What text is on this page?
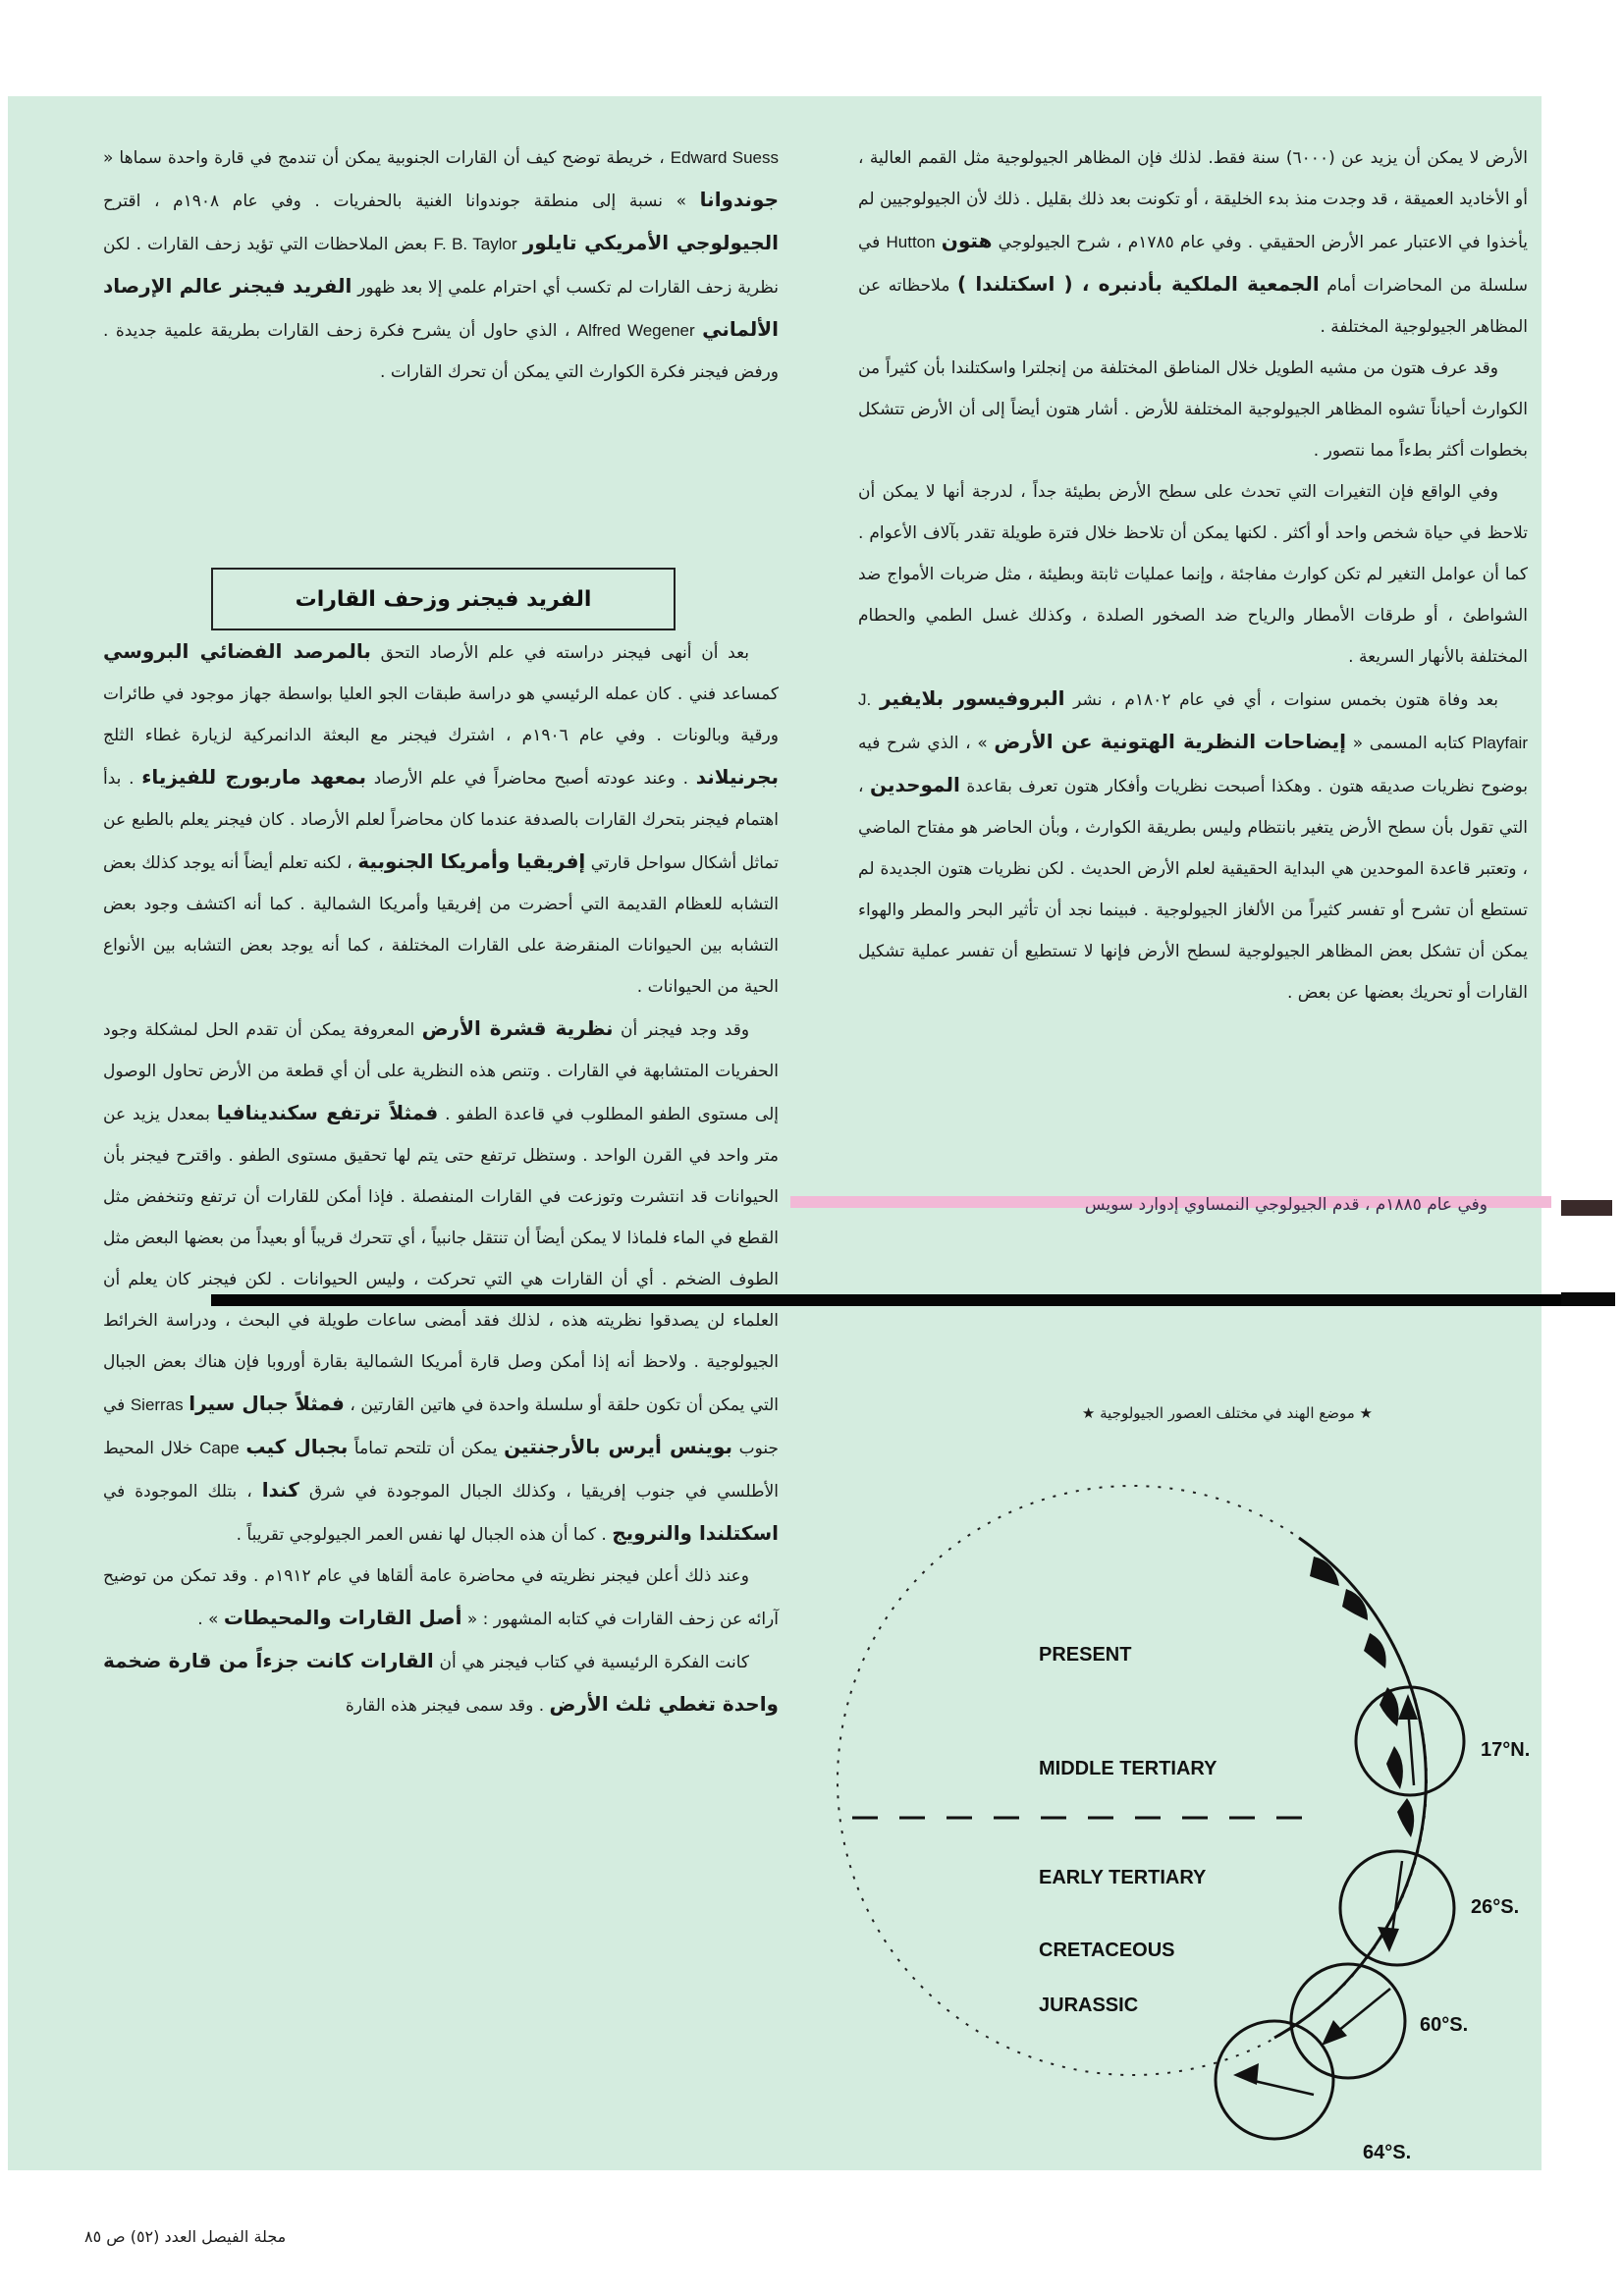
الأرض لا يمكن أن يزيد عن (٦٠٠٠) سنة فقط. لذلك فإن المظاهر الجيولوجية مثل القمم العالية ، أو الأخاديد العميقة ، قد وجدت منذ بدء الخليقة ، أو تكونت بعد ذلك بقليل . ذلك لأن الجيولوجيين لم يأخذوا في الاعتبار عمر الأرض الحقيقي . وفي عام ١٧٨٥م ، شرح الجيولوجي هتون Hutton في سلسلة من المحاضرات أمام الجمعية الملكية بأدنبره ، ( اسكتلندا ) ملاحظاته عن المظاهر الجيولوجية المختلفة .

وقد عرف هتون من مشيه الطويل خلال المناطق المختلفة من إنجلترا واسكتلندا بأن كثيراً من الكوارث أحياناً تشوه المظاهر الجيولوجية المختلفة للأرض . أشار هتون أيضاً إلى أن الأرض تتشكل بخطوات أكثر بطءاً مما نتصور .

وفي الواقع فإن التغيرات التي تحدث على سطح الأرض بطيئة جداً ، لدرجة أنها لا يمكن أن تلاحظ في حياة شخص واحد أو أكثر . لكنها يمكن أن تلاحظ خلال فترة طويلة تقدر بآلاف الأعوام . كما أن عوامل التغير لم تكن كوارث مفاجئة ، وإنما عمليات ثابتة وبطيئة ، مثل ضربات الأمواج ضد الشواطئ ، أو طرقات الأمطار والرياح ضد الصخور الصلدة ، وكذلك غسل الطمي والحطام المختلفة بالأنهار السريعة .

بعد وفاة هتون بخمس سنوات ، أي في عام ١٨٠٢م ، نشر البروفيسور بلايفير J. Playfair كتابه المسمى « إيضاحات النظرية الهتونية عن الأرض » ، الذي شرح فيه بوضوح نظريات صديقه هتون . وهكذا أصبحت نظريات وأفكار هتون تعرف بقاعدة الموحدين ، التي تقول بأن سطح الأرض يتغير بانتظام وليس بطريقة الكوارث ، وبأن الحاضر هو مفتاح الماضي ، وتعتبر قاعدة الموحدين هي البداية الحقيقية لعلم الأرض الحديث . لكن نظريات هتون الجديدة لم تستطع أن تشرح أو تفسر كثيراً من الألغاز الجيولوجية . فبينما نجد أن تأثير البحر والمطر والهواء يمكن أن تشكل بعض المظاهر الجيولوجية لسطح الأرض فإنها لا تستطيع أن تفسر عملية تشكيل القارات أو تحريك بعضها عن بعض .

Edward Suess ، خريطة توضح كيف أن القارات الجنوبية يمكن أن تندمج في قارة واحدة سماها « جوندوانا » نسبة إلى منطقة جوندوانا الغنية بالحفريات . وفي عام ١٩٠٨م ، اقترح الجيولوجي الأمريكي تايلور F. B. Taylor بعض الملاحظات التي تؤيد زحف القارات . لكن نظرية زحف القارات لم تكسب أي احترام علمي إلا بعد ظهور الفريد فيجنر عالم الإرصاد الألماني Alfred Wegener ، الذي حاول أن يشرح فكرة زحف القارات بطريقة علمية جديدة . ورفض فيجنر فكرة الكوارث التي يمكن أن تحرك القارات .

الفريد فيجنر وزحف القارات

بعد أن أنهى فيجنر دراسته في علم الأرصاد التحق بالمرصد الفضائي البروسي كمساعد فني . كان عمله الرئيسي هو دراسة طبقات الجو العليا بواسطة جهاز موجود في طائرات ورقية وبالونات . وفي عام ١٩٠٦م ، اشترك فيجنر مع البعثة الدانمركية لزيارة غطاء الثلج بجرنيلاند . وعند عودته أصبح محاضراً في علم الأرصاد بمعهد ماربورج للفيزياء . بدأ اهتمام فيجنر بتحرك القارات بالصدفة عندما كان محاضراً لعلم الأرصاد . كان فيجنر يعلم بالطبع عن تماثل أشكال سواحل قارتي إفريقيا وأمريكا الجنوبية ، لكنه تعلم أيضاً أنه يوجد كذلك بعض التشابه للعظام القديمة التي أحضرت من إفريقيا وأمريكا الشمالية . كما أنه اكتشف وجود بعض التشابه بين الحيوانات المنقرضة على القارات المختلفة ، كما أنه يوجد بعض التشابه بين الأنواع الحية من الحيوانات .

وقد وجد فيجنر أن نظرية قشرة الأرض المعروفة يمكن أن تقدم الحل لمشكلة وجود الحفريات المتشابهة في القارات . وتنص هذه النظرية على أن أي قطعة من الأرض تحاول الوصول إلى مستوى الطفو المطلوب في قاعدة الطفو . فمثلاً ترتفع سكندينافيا بمعدل يزيد عن متر واحد في القرن الواحد . وستظل ترتفع حتى يتم لها تحقيق مستوى الطفو . واقترح فيجنر بأن الحيوانات قد انتشرت وتوزعت في القارات المنفصلة . فإذا أمكن للقارات أن ترتفع وتنخفض مثل القطع في الماء فلماذا لا يمكن أيضاً أن تنتقل جانبياً ، أي تتحرك قريباً أو بعيداً من بعضها البعض مثل الطوف الضخم . أي أن القارات هي التي تحركت ، وليس الحيوانات . لكن فيجنر كان يعلم أن العلماء لن يصدقوا نظريته هذه ، لذلك فقد أمضى ساعات طويلة في البحث ، ودراسة الخرائط الجيولوجية . ولاحظ أنه إذا أمكن وصل قارة أمريكا الشمالية بقارة أوروبا فإن هناك بعض الجبال التي يمكن أن تكون حلقة أو سلسلة واحدة في هاتين القارتين ، فمثلاً جبال سيرا Sierras في جنوب بوينس أيرس بالأرجنتين يمكن أن تلتحم تماماً بجبال كيب Cape خلال المحيط الأطلسي في جنوب إفريقيا ، وكذلك الجبال الموجودة في شرق كندا ، بتلك الموجودة في اسكتلندا والنرويج . كما أن هذه الجبال لها نفس العمر الجيولوجي تقريباً .

وعند ذلك أعلن فيجنر نظريته في محاضرة عامة ألقاها في عام ١٩١٢م . وقد تمكن من توضيح آرائه عن زحف القارات في كتابه المشهور : « أصل القارات والمحيطات » .

كانت الفكرة الرئيسية في كتاب فيجنر هي أن القارات كانت جزءاً من قارة ضخمة واحدة تغطي ثلث الأرض . وقد سمى فيجنر هذه القارة

★ موضع الهند في مختلف العصور الجيولوجية ★
PRESENT
MIDDLE TERTIARY
EARLY TERTIARY
CRETACEOUS
JURASSIC
17°N.
26°S.
60°S.
64°S.
مجلة الفيصل العدد (٥٢) ص ٨٥
وفي عام ١٨٨٥م ، قدم الجيولوجي النمساوي إدوارد سويس
